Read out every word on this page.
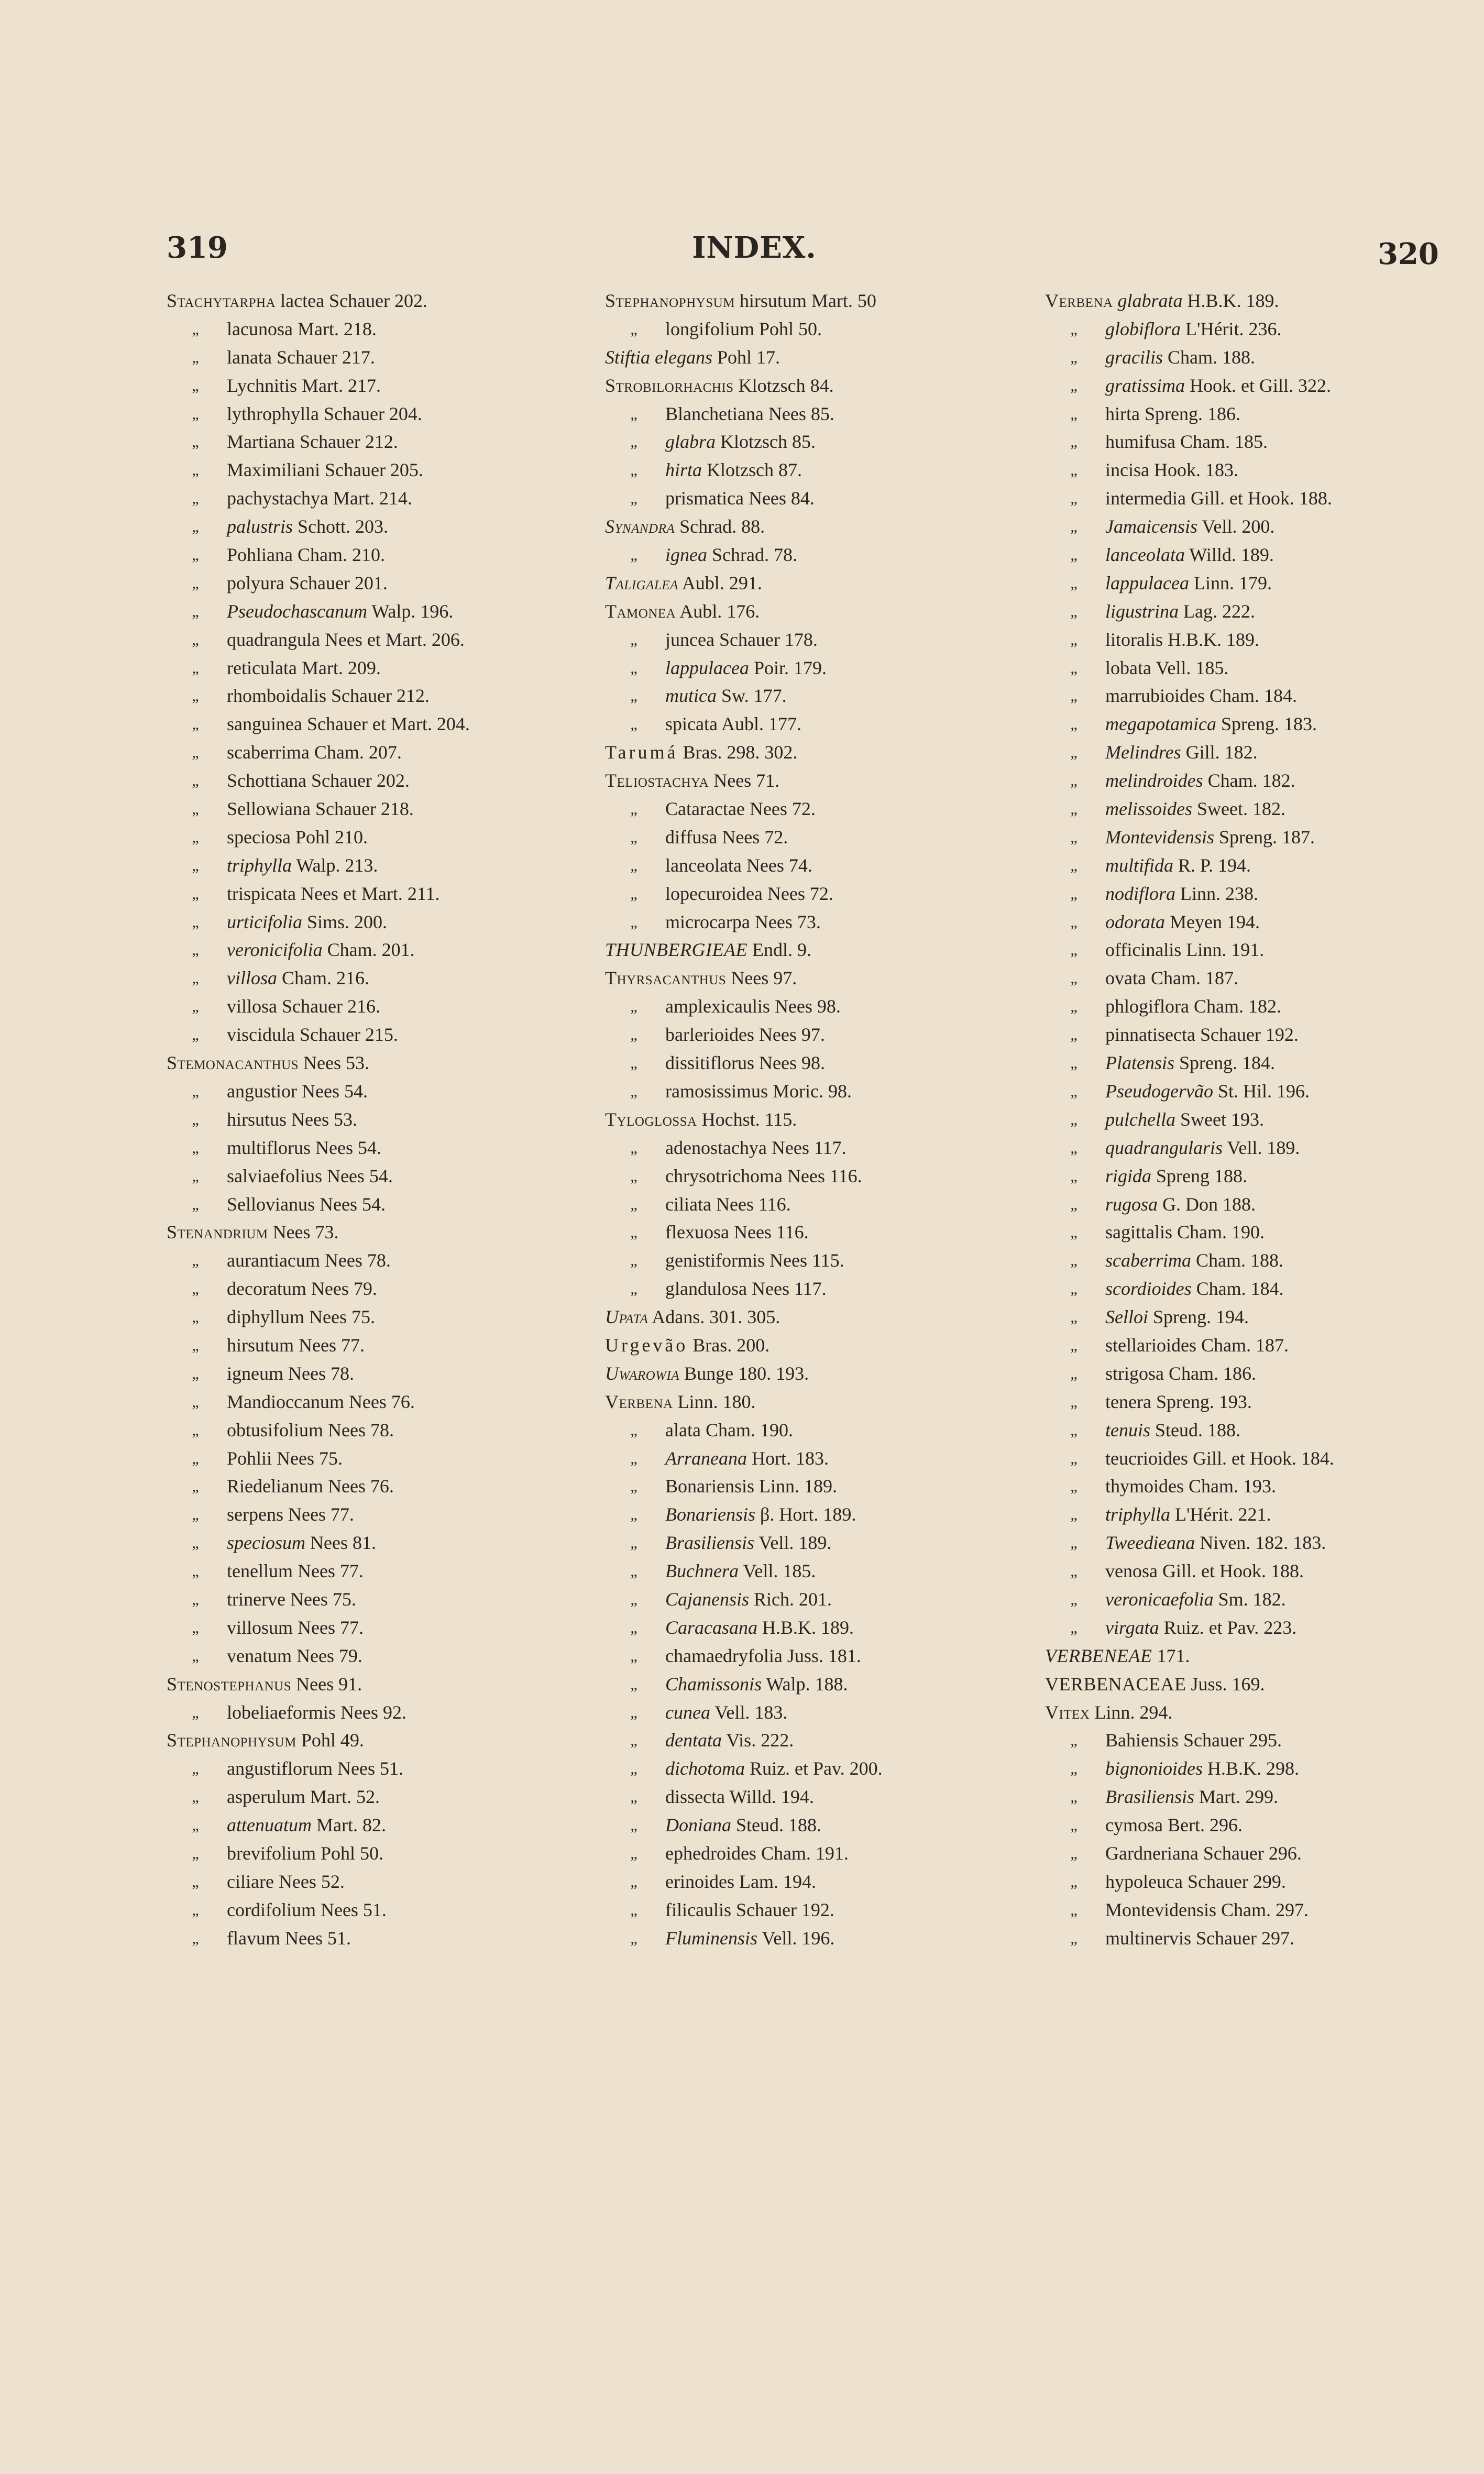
319	INDEX.	320
Stachytarpha lactea Schauer 202.
„	lacunosa Mart. 218.
„	lanata Schauer 217.
„	Lychnitis Mart. 217.
„	lythrophylla Schauer 204.
„	Martiana Schauer 212.
„	Maximiliani Schauer 205.
„	pachystachya Mart. 214.
„	palustris Schott. 203.
„	Pohliana Cham. 210.
„	polyura Schauer 201.
„	Pseudochascanum Walp. 196.
„	quadrangula Nees et Mart. 206.
„	reticulata Mart. 209.
„	rhomboidalis Schauer 212.
„	sanguinea Schauer et Mart. 204.
„	scaberrima Cham. 207.
„	Schottiana Schauer 202.
„	Sellowiana Schauer 218.
„	speciosa Pohl 210.
„	triphylla Walp. 213.
„	trispicata Nees et Mart. 211.
„	urticifolia Sims. 200.
„	veronicifolia Cham. 201.
„	villosa Cham. 216.
„	villosa Schauer 216.
„	viscidula Schauer 215.
Stemonacanthus Nees 53.
„	angustior Nees 54.
„	hirsutus Nees 53.
„	multiflorus Nees 54.
„	salviaefolius Nees 54.
„	Sellovianus Nees 54.
Stenandrium Nees 73.
„	aurantiacum Nees 78.
„	decoratum Nees 79.
„	diphyllum Nees 75.
„	hirsutum Nees 77.
„	igneum Nees 78.
„	Mandioccanum Nees 76.
„	obtusifolium Nees 78.
„	Pohlii Nees 75.
„	Riedelianum Nees 76.
„	serpens Nees 77.
„	speciosum Nees 81.
„	tenellum Nees 77.
„	trinerve Nees 75.
„	villosum Nees 77.
„	venatum Nees 79.
Stenostephanus Nees 91.
„	lobeliaeformis Nees 92.
Stephanophysum Pohl 49.
„	angustiflorum Nees 51.
„	asperulum Mart. 52.
„	attenuatum Mart. 82.
„	brevifolium Pohl 50.
„	ciliare Nees 52.
„	cordifolium Nees 51.
„	flavum Nees 51.
Stephanophysum hirsutum Mart. 50
„	longifolium Pohl 50.
Stiftia elegans Pohl 17.
Strobilorhachis Klotzsch 84.
„	Blanchetiana Nees 85.
„	glabra Klotzsch 85.
„	hirta Klotzsch 87.
„	prismatica Nees 84.
Synandra Schrad. 88.
„	ignea Schrad. 78.
Taligalea Aubl. 291.
Tamonea Aubl. 176.
„	juncea Schauer 178.
„	lappulacea Poir. 179.
„	mutica Sw. 177.
„	spicata Aubl. 177.
Tarumá Bras. 298. 302.
Teliostachya Nees 71.
„	Cataractae Nees 72.
„	diffusa Nees 72.
„	lanceolata Nees 74.
„	lopecuroidea Nees 72.
„	microcarpa Nees 73.
THUNBERGIEAE Endl. 9.
Thyrsacanthus Nees 97.
„	amplexicaulis Nees 98.
„	barlerioides Nees 97.
„	dissitiflorus Nees 98.
„	ramosissimus Moric. 98.
Tyloglossa Hochst. 115.
„	adenostachya Nees 117.
„	chrysotrichoma Nees 116.
„	ciliata Nees 116.
„	flexuosa Nees 116.
„	genistiformis Nees 115.
„	glandulosa Nees 117.
Upata Adans. 301. 305.
Urgevão Bras. 200.
Uwarowia Bunge 180. 193.
Verbena Linn. 180.
„	alata Cham. 190.
„	Arraneana Hort. 183.
„	Bonariensis Linn. 189.
„	Bonariensis β. Hort. 189.
„	Brasiliensis Vell. 189.
„	Buchnera Vell. 185.
„	Cajanensis Rich. 201.
„	Caracasana H.B.K. 189.
„	chamaedryfolia Juss. 181.
„	Chamissonis Walp. 188.
„	cunea Vell. 183.
„	dentata Vis. 222.
„	dichotoma Ruiz. et Pav. 200.
„	dissecta Willd. 194.
„	Doniana Steud. 188.
„	ephedroides Cham. 191.
„	erinoides Lam. 194.
„	filicaulis Schauer 192.
„	Fluminensis Vell. 196.
Verbena glabrata H.B.K. 189.
„	globiflora L'Hérit. 236.
„	gracilis Cham. 188.
„	gratissima Hook. et Gill. 322.
„	hirta Spreng. 186.
„	humifusa Cham. 185.
„	incisa Hook. 183.
„	intermedia Gill. et Hook. 188.
„	Jamaicensis Vell. 200.
„	lanceolata Willd. 189.
„	lappulacea Linn. 179.
„	ligustrina Lag. 222.
„	litoralis H.B.K. 189.
„	lobata Vell. 185.
„	marrubioides Cham. 184.
„	megapotamica Spreng. 183.
„	Melindres Gill. 182.
„	melindroides Cham. 182.
„	melissoides Sweet. 182.
„	Montevidensis Spreng. 187.
„	multifida R. P. 194.
„	nodiflora Linn. 238.
„	odorata Meyen 194.
„	officinalis Linn. 191.
„	ovata Cham. 187.
„	phlogiflora Cham. 182.
„	pinnatisecta Schauer 192.
„	Platensis Spreng. 184.
„	Pseudogervão St. Hil. 196.
„	pulchella Sweet 193.
„	quadrangularis Vell. 189.
„	rigida Spreng 188.
„	rugosa G. Don 188.
„	sagittalis Cham. 190.
„	scaberrima Cham. 188.
„	scordioides Cham. 184.
„	Selloi Spreng. 194.
„	stellarioides Cham. 187.
„	strigosa Cham. 186.
„	tenera Spreng. 193.
„	tenuis Steud. 188.
„	teucrioides Gill. et Hook. 184.
„	thymoides Cham. 193.
„	triphylla L'Hérit. 221.
„	Tweedieana Niven. 182. 183.
„	venosa Gill. et Hook. 188.
„	veronicaefolia Sm. 182.
„	virgata Ruiz. et Pav. 223.
VERBENEAE 171.
VERBENACEAE Juss. 169.
Vitex Linn. 294.
„	Bahiensis Schauer 295.
„	bignonioides H.B.K. 298.
„	Brasiliensis Mart. 299.
„	cymosa Bert. 296.
„	Gardneriana Schauer 296.
„	hypoleuca Schauer 299.
„	Montevidensis Cham. 297.
„	multinervis Schauer 297.
